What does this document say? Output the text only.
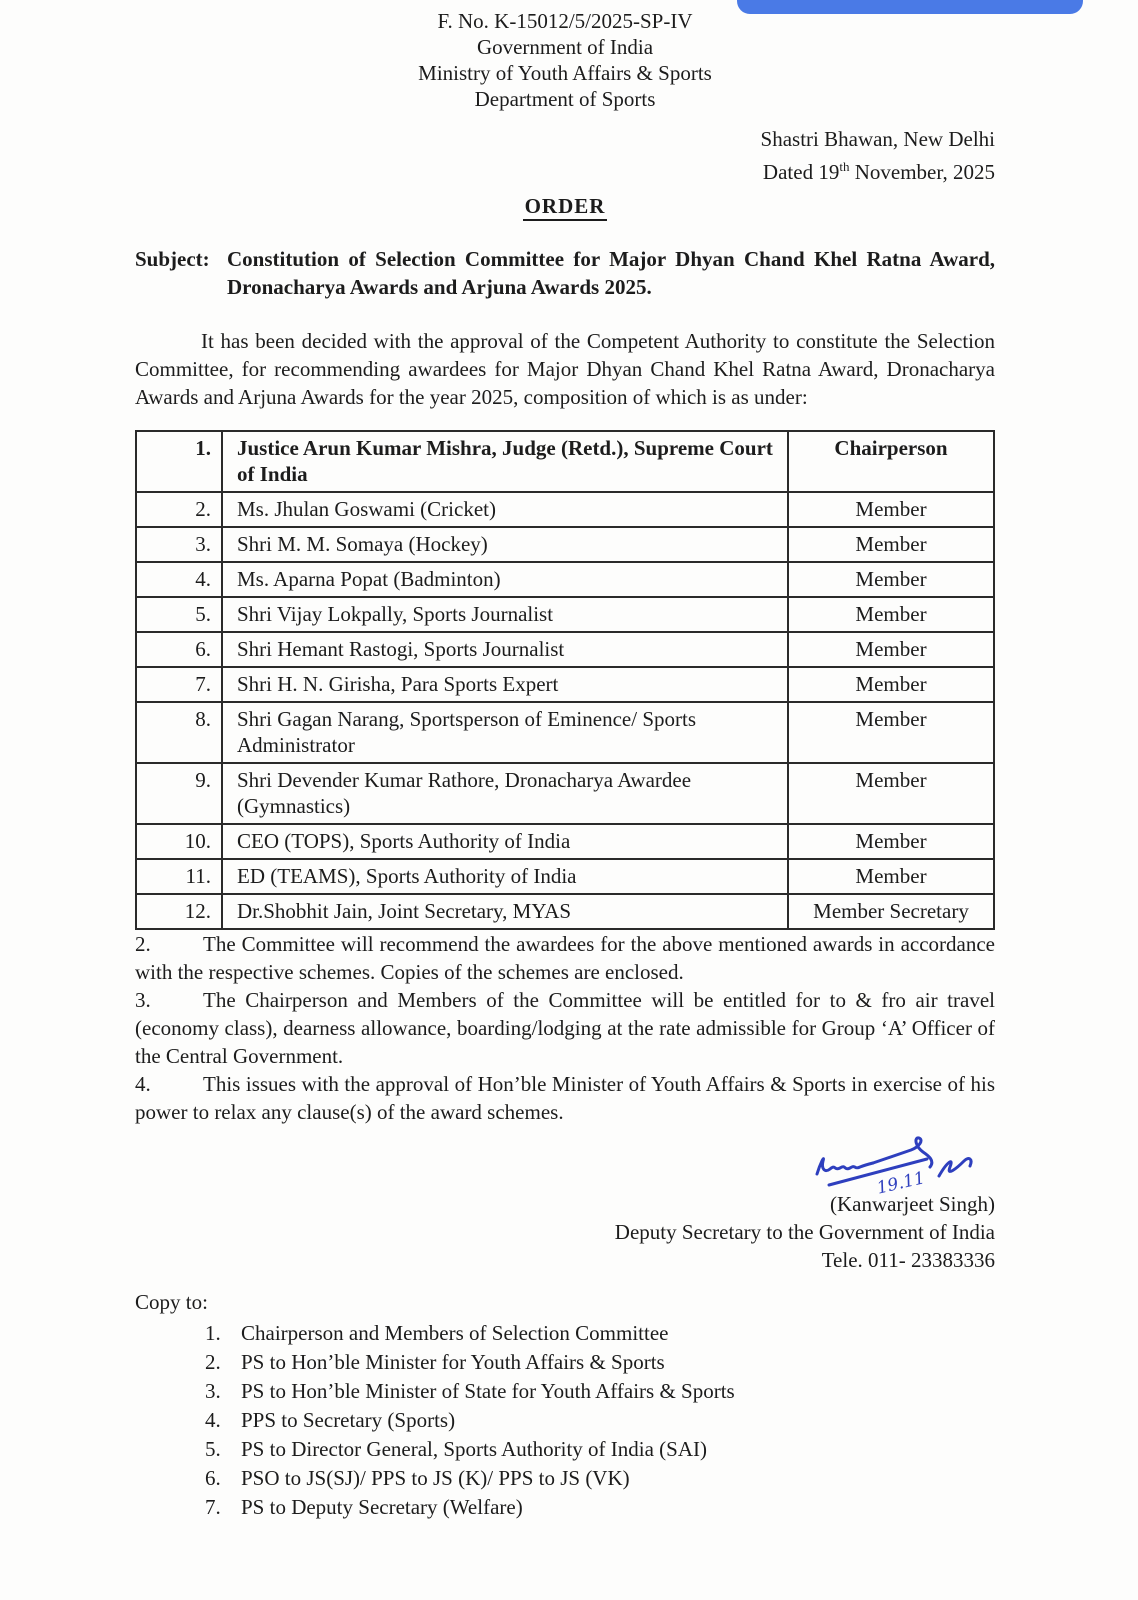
F. No. K-15012/5/2025-SP-IV
Government of India
Ministry of Youth Affairs & Sports
Department of Sports
Shastri Bhawan, New Delhi
Dated 19th November, 2025
ORDER
Subject: Constitution of Selection Committee for Major Dhyan Chand Khel Ratna Award, Dronacharya Awards and Arjuna Awards 2025.

It has been decided with the approval of the Competent Authority to constitute the Selection Committee, for recommending awardees for Major Dhyan Chand Khel Ratna Award, Dronacharya Awards and Arjuna Awards for the year 2025, composition of which is as under:

1.	Justice Arun Kumar Mishra, Judge (Retd.), Supreme Court of India	Chairperson
2.	Ms. Jhulan Goswami (Cricket)	Member
3.	Shri M. M. Somaya (Hockey)	Member
4.	Ms. Aparna Popat (Badminton)	Member
5.	Shri Vijay Lokpally, Sports Journalist	Member
6.	Shri Hemant Rastogi, Sports Journalist	Member
7.	Shri H. N. Girisha, Para Sports Expert	Member
8.	Shri Gagan Narang, Sportsperson of Eminence/ Sports Administrator	Member
9.	Shri Devender Kumar Rathore, Dronacharya Awardee (Gymnastics)	Member
10.	CEO (TOPS), Sports Authority of India	Member
11.	ED (TEAMS), Sports Authority of India	Member
12.	Dr.Shobhit Jain, Joint Secretary, MYAS	Member Secretary

2. The Committee will recommend the awardees for the above mentioned awards in accordance with the respective schemes. Copies of the schemes are enclosed.

3. The Chairperson and Members of the Committee will be entitled for to & fro air travel (economy class), dearness allowance, boarding/lodging at the rate admissible for Group ‘A’ Officer of the Central Government.

4. This issues with the approval of Hon’ble Minister of Youth Affairs & Sports in exercise of his power to relax any clause(s) of the award schemes.

19.11
(Kanwarjeet Singh)
Deputy Secretary to the Government of India
Tele. 011- 23383336
Copy to:
Chairperson and Members of Selection Committee
PS to Hon’ble Minister for Youth Affairs & Sports
PS to Hon’ble Minister of State for Youth Affairs & Sports
PPS to Secretary (Sports)
PS to Director General, Sports Authority of India (SAI)
PSO to JS(SJ)/ PPS to JS (K)/ PPS to JS (VK)
PS to Deputy Secretary (Welfare)
